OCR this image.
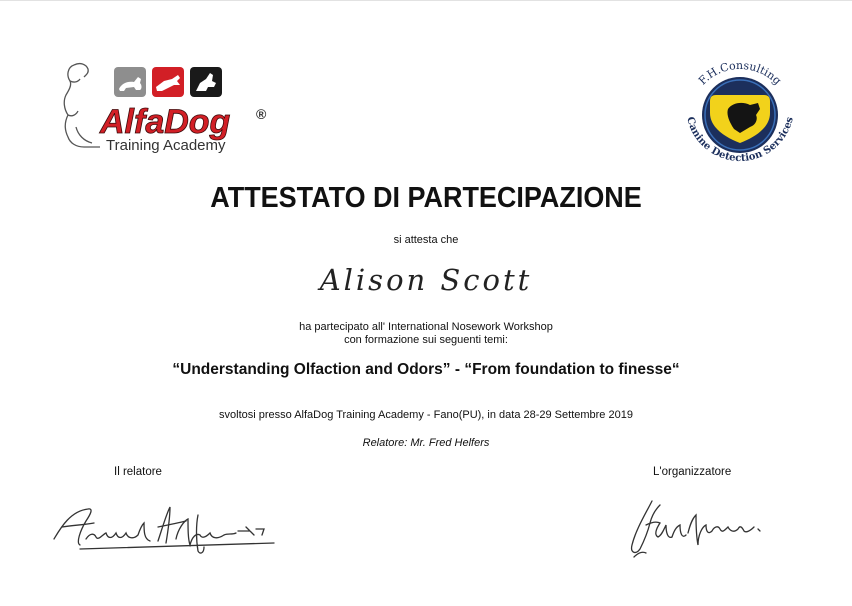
AlfaDog ®
Training Academy
F.H.Consulting
Canine Detection Services
ATTESTATO DI PARTECIPAZIONE
si attesta che
Alison Scott
ha partecipato all' International Nosework Workshop
con formazione sui seguenti temi:
“Understanding Olfaction and Odors” - “From foundation to finesse“
svoltosi presso AlfaDog Training Academy - Fano(PU), in data 28-29 Settembre 2019
Relatore: Mr. Fred Helfers
Il relatore	L'organizzatore
